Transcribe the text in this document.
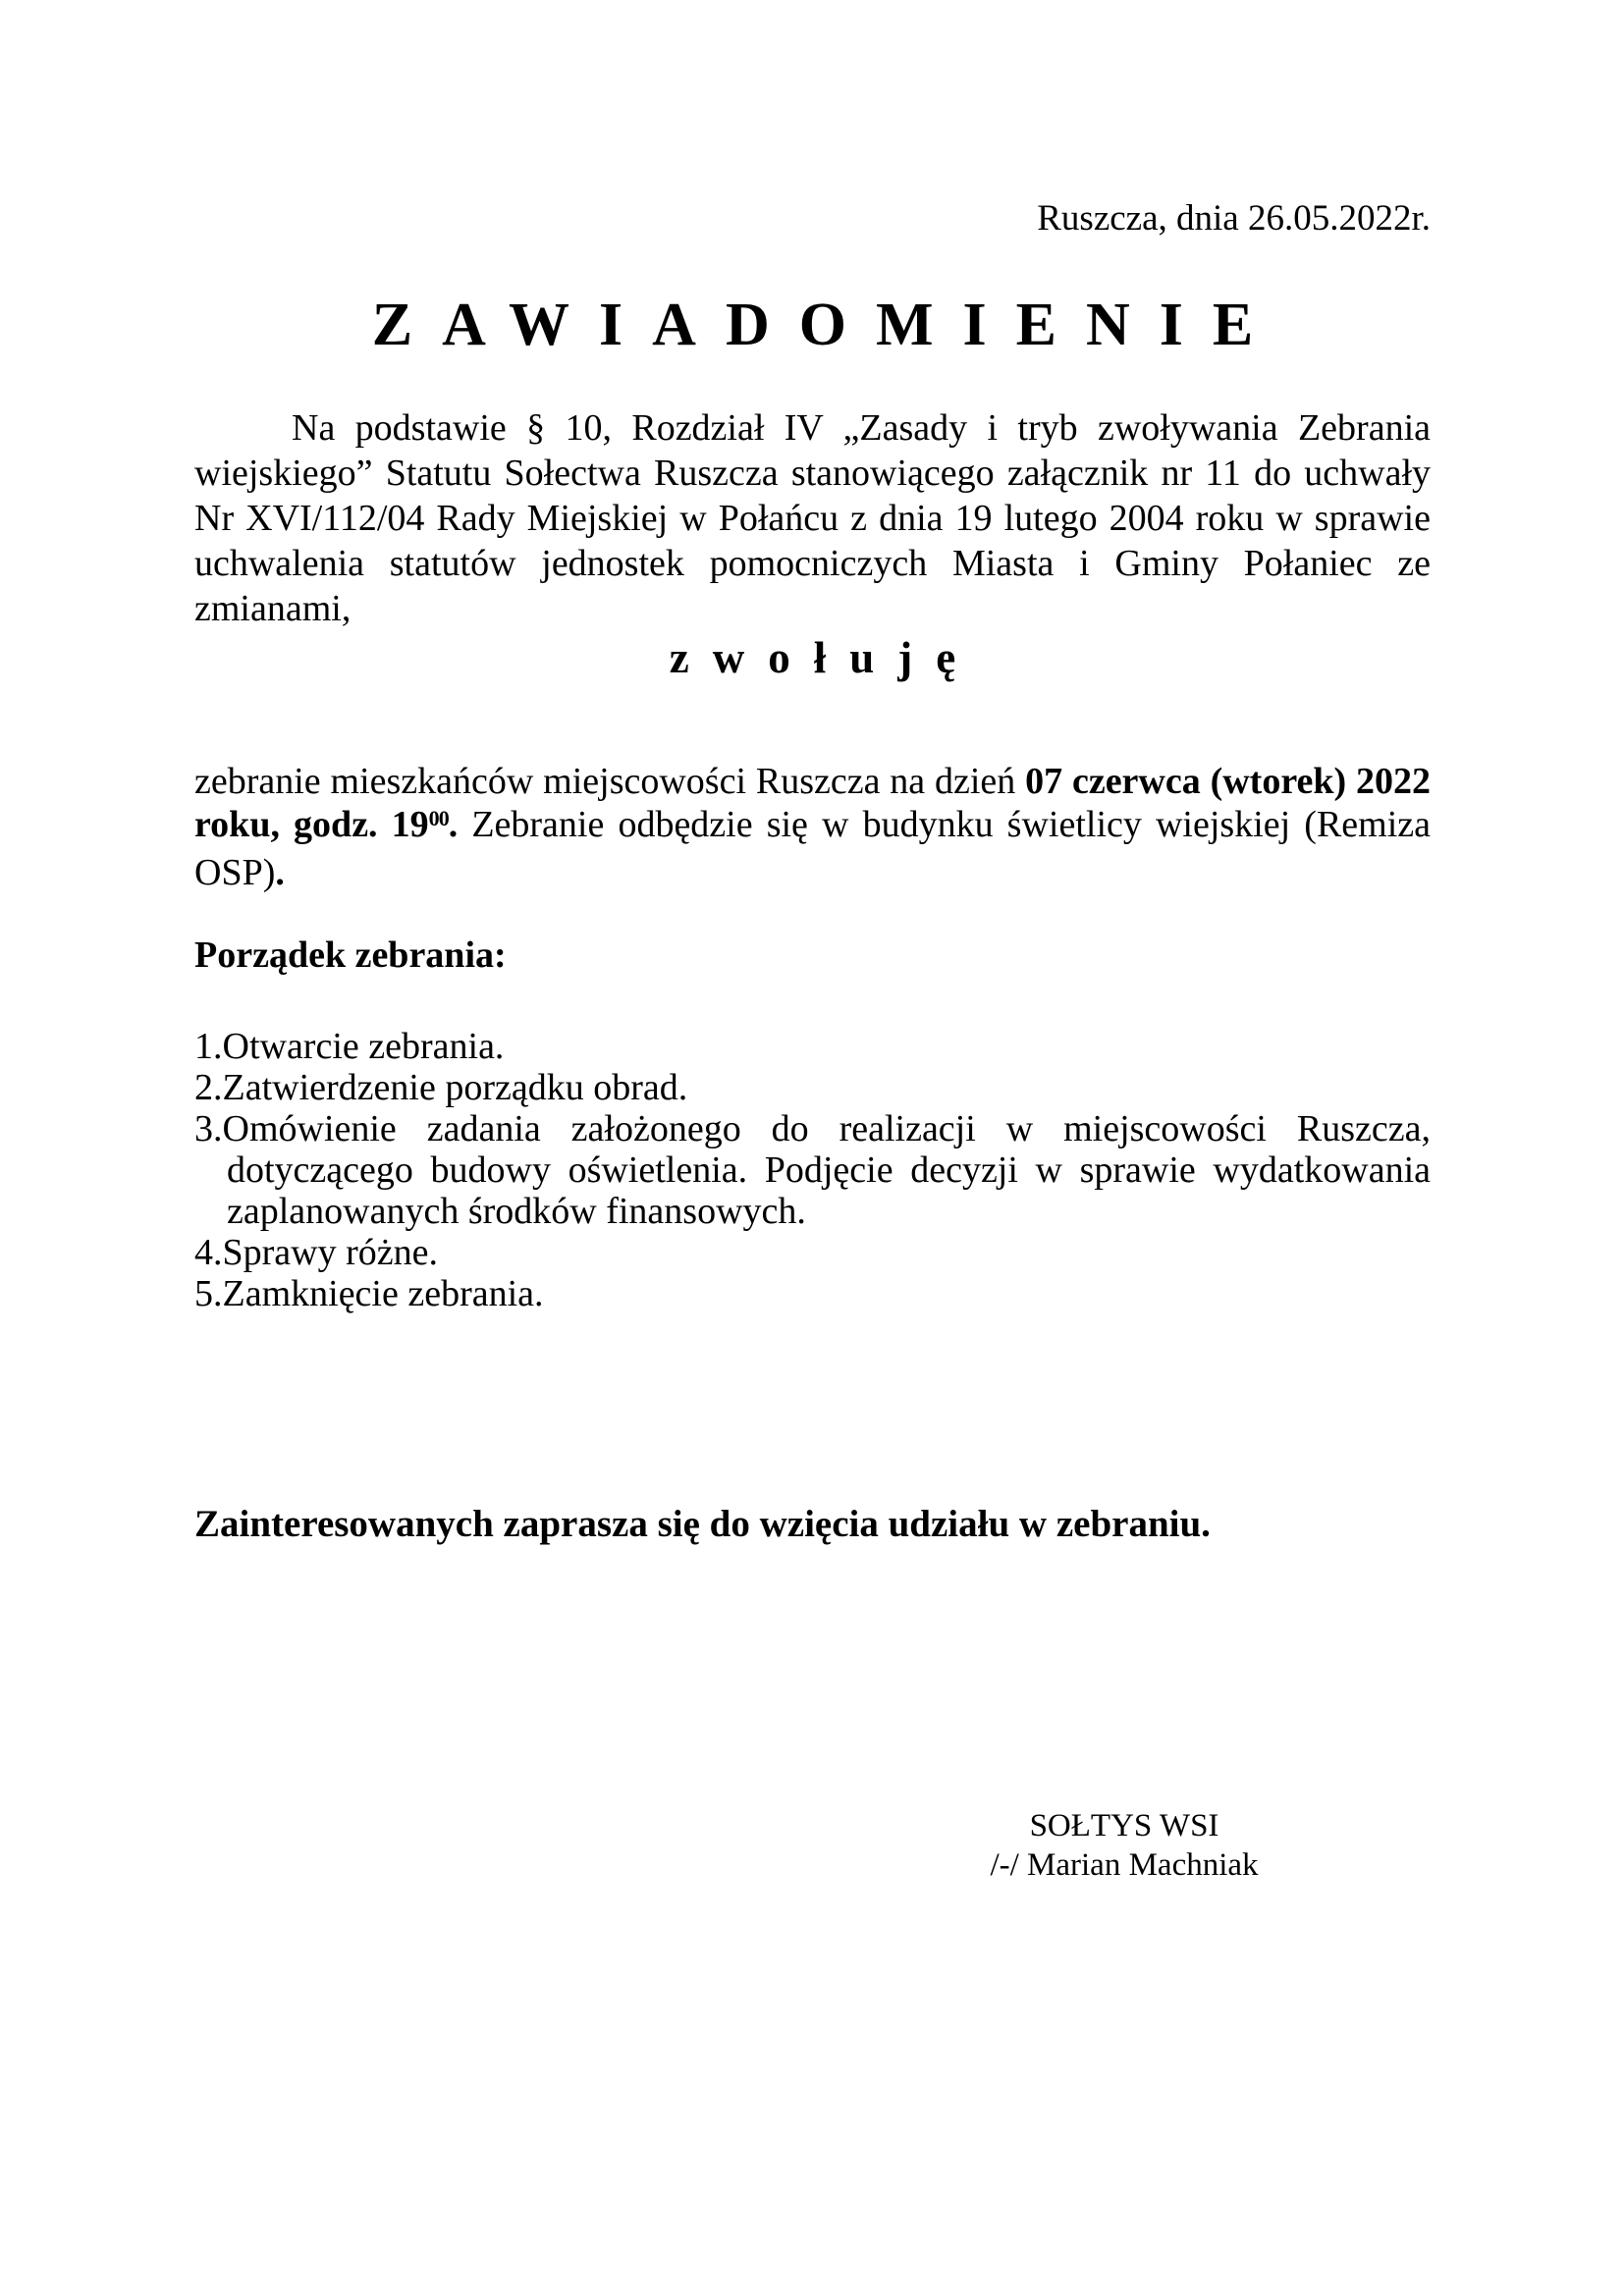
Ruszcza, dnia 26.05.2022r.
ZAWIADOMIENIE
Na podstawie § 10, Rozdział IV „Zasady i tryb zwoływania Zebrania wiejskiego” Statutu Sołectwa Ruszcza stanowiącego załącznik nr 11 do uchwały Nr XVI/112/04 Rady Miejskiej w Połańcu z dnia 19 lutego 2004 roku w sprawie uchwalenia statutów jednostek pomocniczych Miasta i Gminy Połaniec ze zmianami,
zwołuję
zebranie mieszkańców miejscowości Ruszcza na dzień 07 czerwca (wtorek) 2022 roku, godz. $19^{00}$. Zebranie odbędzie się w budynku świetlicy wiejskiej (Remiza OSP).
Porządek zebrania:
1.Otwarcie zebrania.
2.Zatwierdzenie porządku obrad.
3.Omówienie zadania założonego do realizacji w miejscowości Ruszcza, dotyczącego budowy oświetlenia. Podjęcie decyzji w sprawie wydatkowania zaplanowanych środków finansowych.
4.Sprawy różne.
5.Zamknięcie zebrania.
Zainteresowanych zaprasza się do wzięcia udziału w zebraniu.
SOŁTYS WSI
/-/ Marian Machniak
